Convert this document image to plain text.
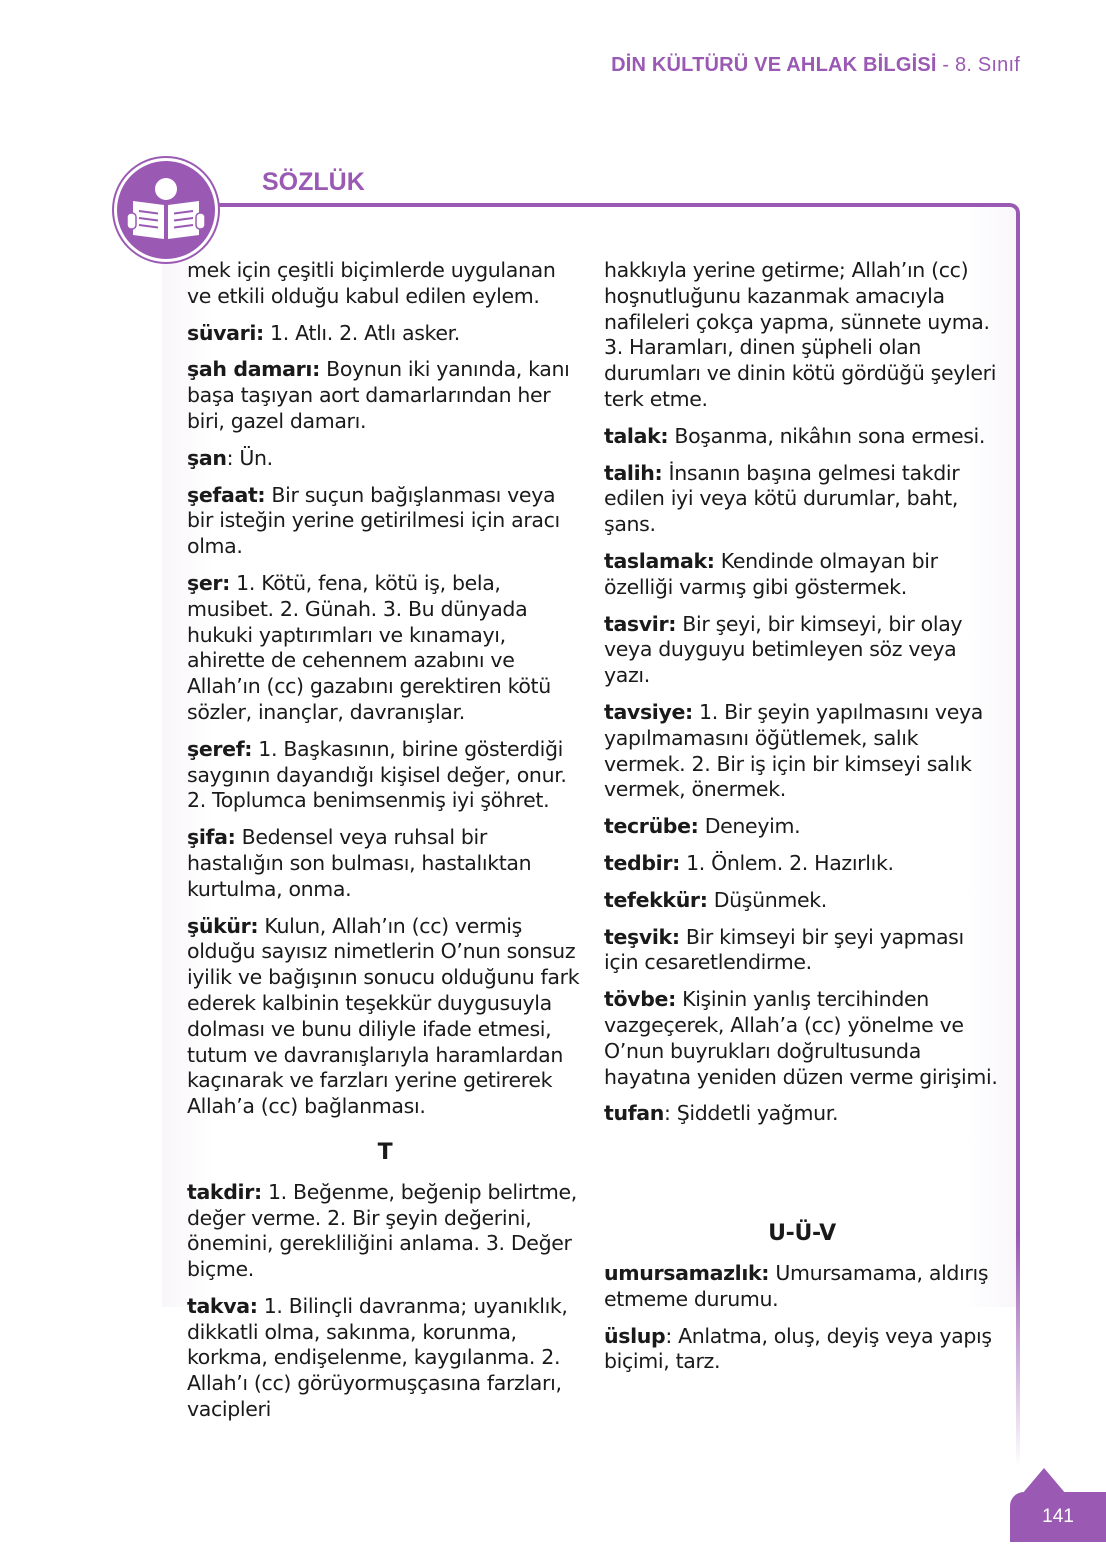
DİN KÜLTÜRÜ VE AHLAK BİLGİSİ - 8. Sınıf
SÖZLÜK
mek için çeşitli biçimlerde uygulanan ve etkili olduğu kabul edilen eylem.
süvari: 1. Atlı. 2. Atlı asker.
şah damarı: Boynun iki yanında, kanı başa taşıyan aort damarlarından her biri, gazel damarı.
şan: Ün.
şefaat: Bir suçun bağışlanması veya bir isteğin yerine getirilmesi için aracı olma.
şer: 1. Kötü, fena, kötü iş, bela, musibet. 2. Günah. 3. Bu dünyada hukuki yaptırımları ve kınamayı, ahirette de cehennem azabını ve Allah’ın (cc) gazabını gerektiren kötü sözler, inançlar, davranışlar.
şeref: 1. Başkasının, birine gösterdiği saygının dayandığı kişisel değer, onur. 2. Toplumca benimsenmiş iyi şöhret.
şifa: Bedensel veya ruhsal bir hastalığın son bulması, hastalıktan kurtulma, onma.
şükür: Kulun, Allah’ın (cc) vermiş olduğu sayısız nimetlerin O’nun sonsuz iyilik ve bağışının sonucu olduğunu fark ederek kalbinin teşekkür duygusuyla dolması ve bunu diliyle ifade etmesi, tutum ve davranışlarıyla haramlardan kaçınarak ve farzları yerine getirerek Allah’a (cc) bağlanması.
T
takdir: 1. Beğenme, beğenip belirtme, değer verme. 2. Bir şeyin değerini, önemini, gerekliliğini anlama. 3. Değer biçme.
takva: 1. Bilinçli davranma; uyanıklık, dikkatli olma, sakınma, korunma, korkma, endişelenme, kaygılanma. 2. Allah’ı (cc) görüyormuşçasına farzları, vacipleri
hakkıyla yerine getirme; Allah’ın (cc) hoşnutluğunu kazanmak amacıyla nafileleri çokça yapma, sünnete uyma. 3. Haramları, dinen şüpheli olan durumları ve dinin kötü gördüğü şeyleri terk etme.
talak: Boşanma, nikâhın sona ermesi.
talih: İnsanın başına gelmesi takdir edilen iyi veya kötü durumlar, baht, şans.
taslamak: Kendinde olmayan bir özelliği varmış gibi göstermek.
tasvir: Bir şeyi, bir kimseyi, bir olay veya duyguyu betimleyen söz veya yazı.
tavsiye: 1. Bir şeyin yapılmasını veya yapılmamasını öğütlemek, salık vermek. 2. Bir iş için bir kimseyi salık vermek, önermek.
tecrübe: Deneyim.
tedbir: 1. Önlem. 2. Hazırlık.
tefekkür: Düşünmek.
teşvik: Bir kimseyi bir şeyi yapması için cesaretlendirme.
tövbe: Kişinin yanlış tercihinden vazgeçerek, Allah’a (cc) yönelme ve O’nun buyrukları doğrultusunda hayatına yeniden düzen verme girişimi.
tufan: Şiddetli yağmur.
U-Ü-V
umursamazlık: Umursamama, aldırış etmeme durumu.
üslup: Anlatma, oluş, deyiş veya yapış biçimi, tarz.
141
